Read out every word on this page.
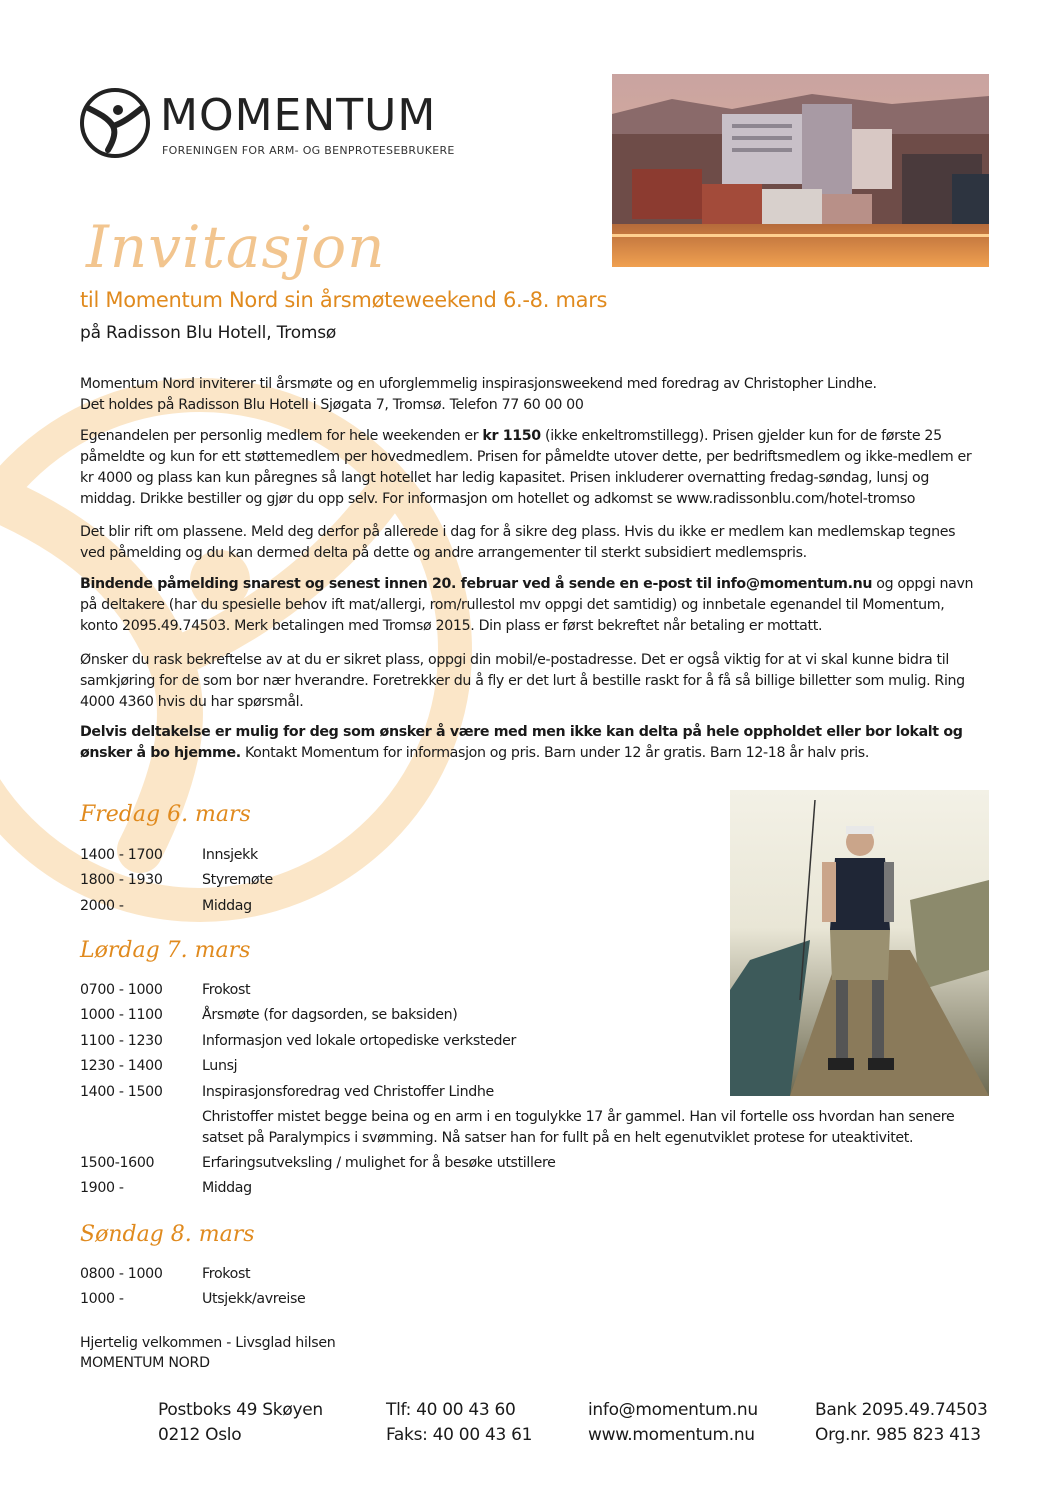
MOMENTUM
FORENINGEN FOR ARM- OG BENPROTESEBRUKERE
Invitasjon
til Momentum Nord sin årsmøteweekend 6.-8. mars
på Radisson Blu Hotell, Tromsø
Momentum Nord inviterer til årsmøte og en uforglemmelig inspirasjonsweekend med foredrag av Christopher Lindhe.
Det holdes på Radisson Blu Hotell i Sjøgata 7, Tromsø. Telefon 77 60 00 00
Egenandelen per personlig medlem for hele weekenden er kr 1150 (ikke enkeltromstillegg). Prisen gjelder kun for de første 25 påmeldte og kun for ett støttemedlem per hovedmedlem. Prisen for påmeldte utover dette, per bedriftsmedlem og ikke-medlem er kr 4000 og plass kan kun påregnes så langt hotellet har ledig kapasitet. Prisen inkluderer overnatting fredag-søndag, lunsj og middag. Drikke bestiller og gjør du opp selv. For informasjon om hotellet og adkomst se www.radissonblu.com/hotel-tromso
Det blir rift om plassene. Meld deg derfor på allerede i dag for å sikre deg plass. Hvis du ikke er medlem kan medlemskap tegnes ved påmelding og du kan dermed delta på dette og andre arrangementer til sterkt subsidiert medlemspris.
Bindende påmelding snarest og senest innen 20. februar ved å sende en e-post til info@momentum.nu og oppgi navn på deltakere (har du spesielle behov ift mat/allergi, rom/rullestol mv oppgi det samtidig) og innbetale egenandel til Momentum, konto 2095.49.74503. Merk betalingen med Tromsø 2015. Din plass er først bekreftet når betaling er mottatt.
Ønsker du rask bekreftelse av at du er sikret plass, oppgi din mobil/e-postadresse. Det er også viktig for at vi skal kunne bidra til samkjøring for de som bor nær hverandre. Foretrekker du å fly er det lurt å bestille raskt for å få så billige billetter som mulig. Ring 4000 4360 hvis du har spørsmål.
Delvis deltakelse er mulig for deg som ønsker å være med men ikke kan delta på hele oppholdet eller bor lokalt og ønsker å bo hjemme. Kontakt Momentum for informasjon og pris. Barn under 12 år gratis. Barn 12-18 år halv pris.
Fredag 6. mars
1400 - 1700	Innsjekk
1800 - 1930	Styremøte
2000 -	Middag
Lørdag 7. mars
0700 - 1000	Frokost
1000 - 1100	Årsmøte (for dagsorden, se baksiden)
1100 - 1230	Informasjon ved lokale ortopediske verksteder
1230 - 1400	Lunsj
1400 - 1500	Inspirasjonsforedrag ved Christoffer Lindhe
Christoffer mistet begge beina og en arm i en togulykke 17 år gammel. Han vil fortelle oss hvordan han senere satset på Paralympics i svømming. Nå satser han for fullt på en helt egenutviklet protese for uteaktivitet.
1500-1600	Erfaringsutveksling / mulighet for å besøke utstillere
1900 -	Middag
Søndag 8. mars
0800 - 1000	Frokost
1000 -	Utsjekk/avreise
Hjertelig velkommen - Livsglad hilsen
MOMENTUM NORD
Postboks 49 Skøyen
0212 Oslo
Tlf: 40 00 43 60
Faks: 40 00 43 61
info@momentum.nu
www.momentum.nu
Bank 2095.49.74503
Org.nr. 985 823 413
